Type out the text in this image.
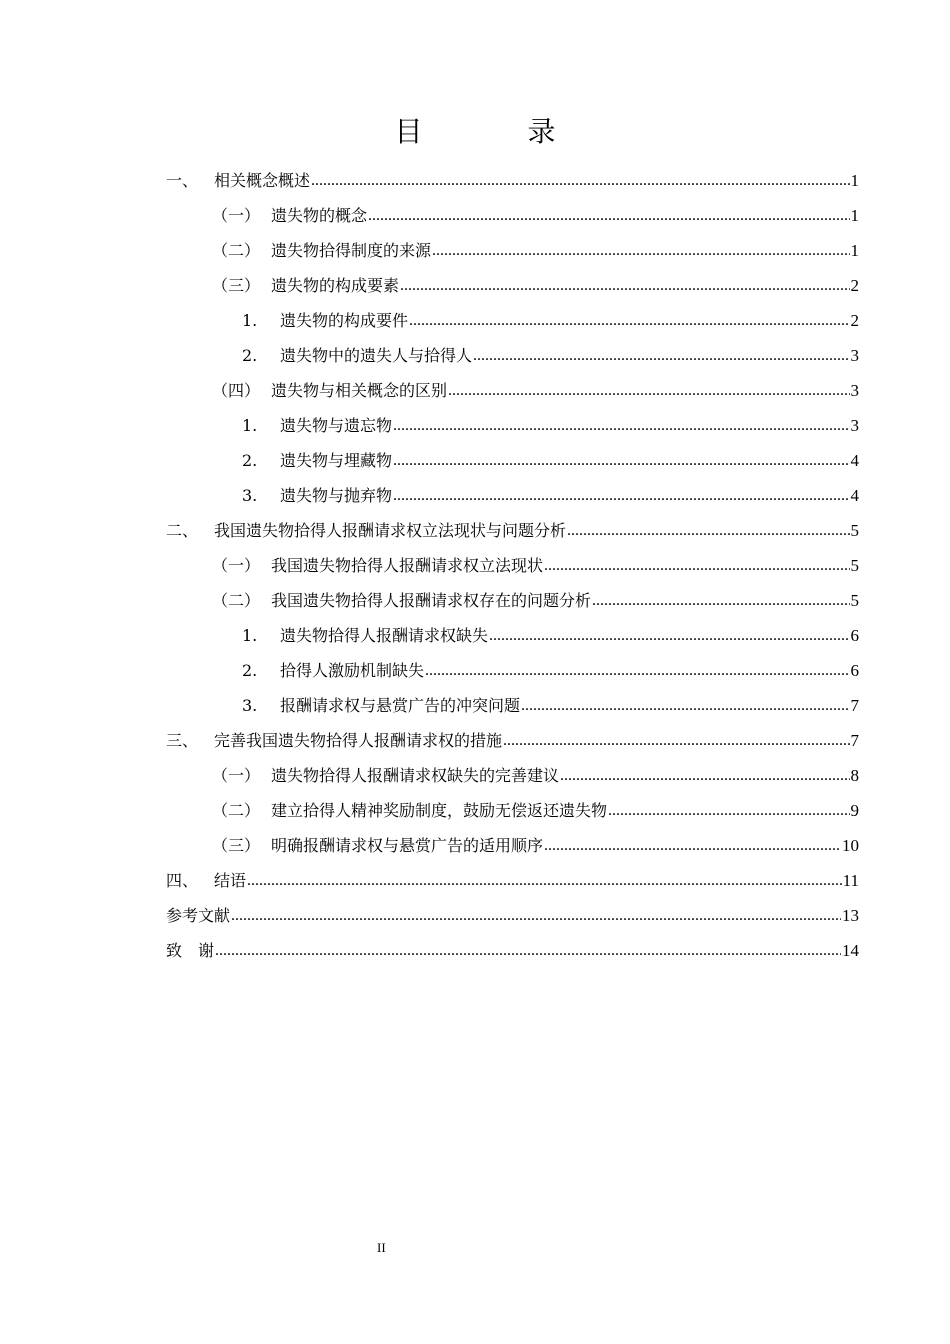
目 录
一、 相关概念概述 .....	1
（一） 遗失物的概念 .....	1
（二） 遗失物拾得制度的来源 .....	1
（三） 遗失物的构成要素 .....	2
1.	遗失物的构成要件 .....	2
2.	遗失物中的遗失人与拾得人 .....	3
（四） 遗失物与相关概念的区别 .....	3
1.	遗失物与遗忘物 .....	3
2.	遗失物与埋藏物 .....	4
3.	遗失物与抛弃物 .....	4
二、 我国遗失物拾得人报酬请求权立法现状与问题分析 .....	5
（一） 我国遗失物拾得人报酬请求权立法现状 .....	5
（二） 我国遗失物拾得人报酬请求权存在的问题分析 .....	5
1.	遗失物拾得人报酬请求权缺失 .....	6
2.	拾得人激励机制缺失 .....	6
3.	报酬请求权与悬赏广告的冲突问题 .....	7
三、 完善我国遗失物拾得人报酬请求权的措施 .....	7
（一） 遗失物拾得人报酬请求权缺失的完善建议 .....	8
（二） 建立拾得人精神奖励制度，鼓励无偿返还遗失物 .....	9
（三） 明确报酬请求权与悬赏广告的适用顺序 .....	10
四、 结语 .....	11
参考文献 .....	13
致　谢 .....	14
II
